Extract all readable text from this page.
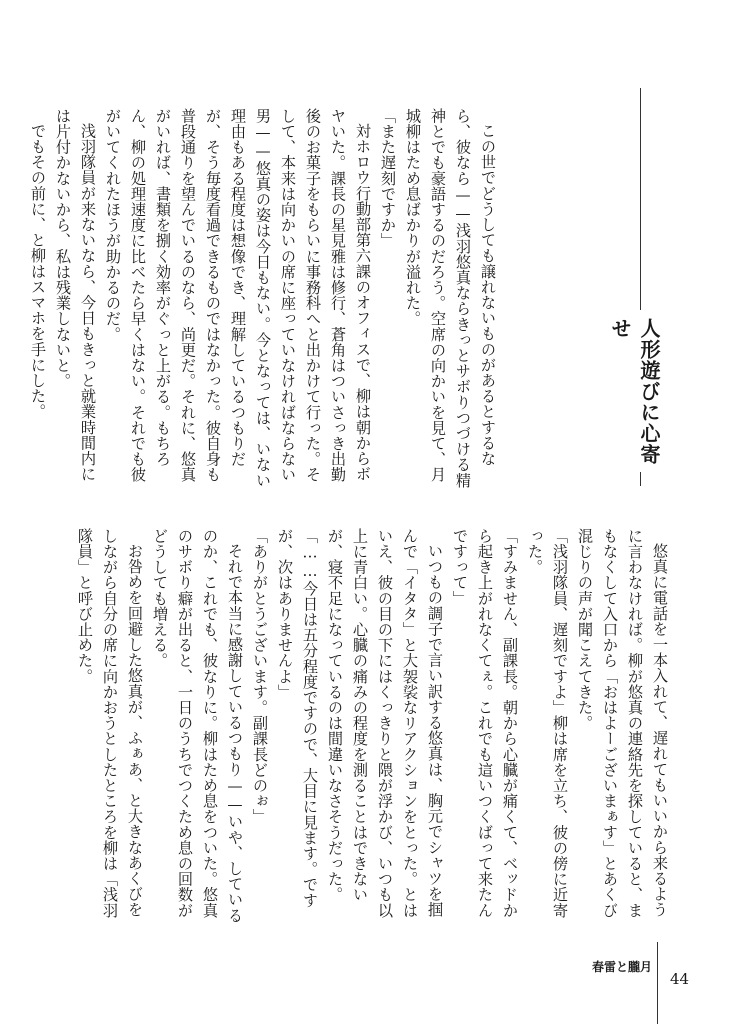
この世でどうしても譲れないものがあるとするなら、彼なら——浅羽悠真ならきっとサボりつづける精神とでも豪語するのだろう。空席の向かいを見て、月城柳はため息ばかりが溢れた。

「また遅刻ですか」

対ホロウ行動部第六課のオフィスで、柳は朝からボヤいた。課長の星見雅は修行、蒼角はついさっき出勤後のお菓子をもらいに事務科へと出かけて行った。そして、本来は向かいの席に座っていなければならない男——悠真の姿は今日もない。今となっては、いない理由もある程度は想像でき、理解しているつもりだが、そう毎度看過できるものではなかった。彼自身も普段通りを望んでいるのなら、尚更だ。それに、悠真がいれば、書類を捌く効率がぐっと上がる。もちろん、柳の処理速度に比べたら早くはない。それでも彼がいてくれたほうが助かるのだ。

浅羽隊員が来ないなら、今日もきっと就業時間内には片付かないから、私は残業しないと。

でもその前に、と柳はスマホを手にした。	人形遊びに心寄せ

悠真に電話を一本入れて、遅れてもいいから来るように言わなければ。柳が悠真の連絡先を探していると、まもなくして入口から「おはよーございまぁす」とあくび混じりの声が聞こえてきた。

「浅羽隊員、遅刻ですよ」柳は席を立ち、彼の傍に近寄った。

「すみません、副課長。朝から心臓が痛くて、ベッドから起き上がれなくてぇ。これでも這いつくばって来たんですって」

いつもの調子で言い訳する悠真は、胸元でシャツを掴んで「イタタ」と大袈裟なリアクションをとった。とはいえ、彼の目の下にはくっきりと隈が浮かび、いつも以上に青白い。心臓の痛みの程度を測ることはできないが、寝不足になっているのは間違いなさそうだった。

「……今日は五分程度ですので、大目に見ます。ですが、次はありませんよ」

「ありがとうございます。副課長どのぉ」

それで本当に感謝しているつもり——いや、しているのか、これでも、彼なりに。柳はため息をついた。悠真のサボり癖が出ると、一日のうちでつくため息の回数がどうしても増える。

お咎めを回避した悠真が、ふぁあ、と大きなあくびをしながら自分の席に向かおうとしたところを柳は「浅羽隊員」と呼び止めた。

春雷と朧月
44
